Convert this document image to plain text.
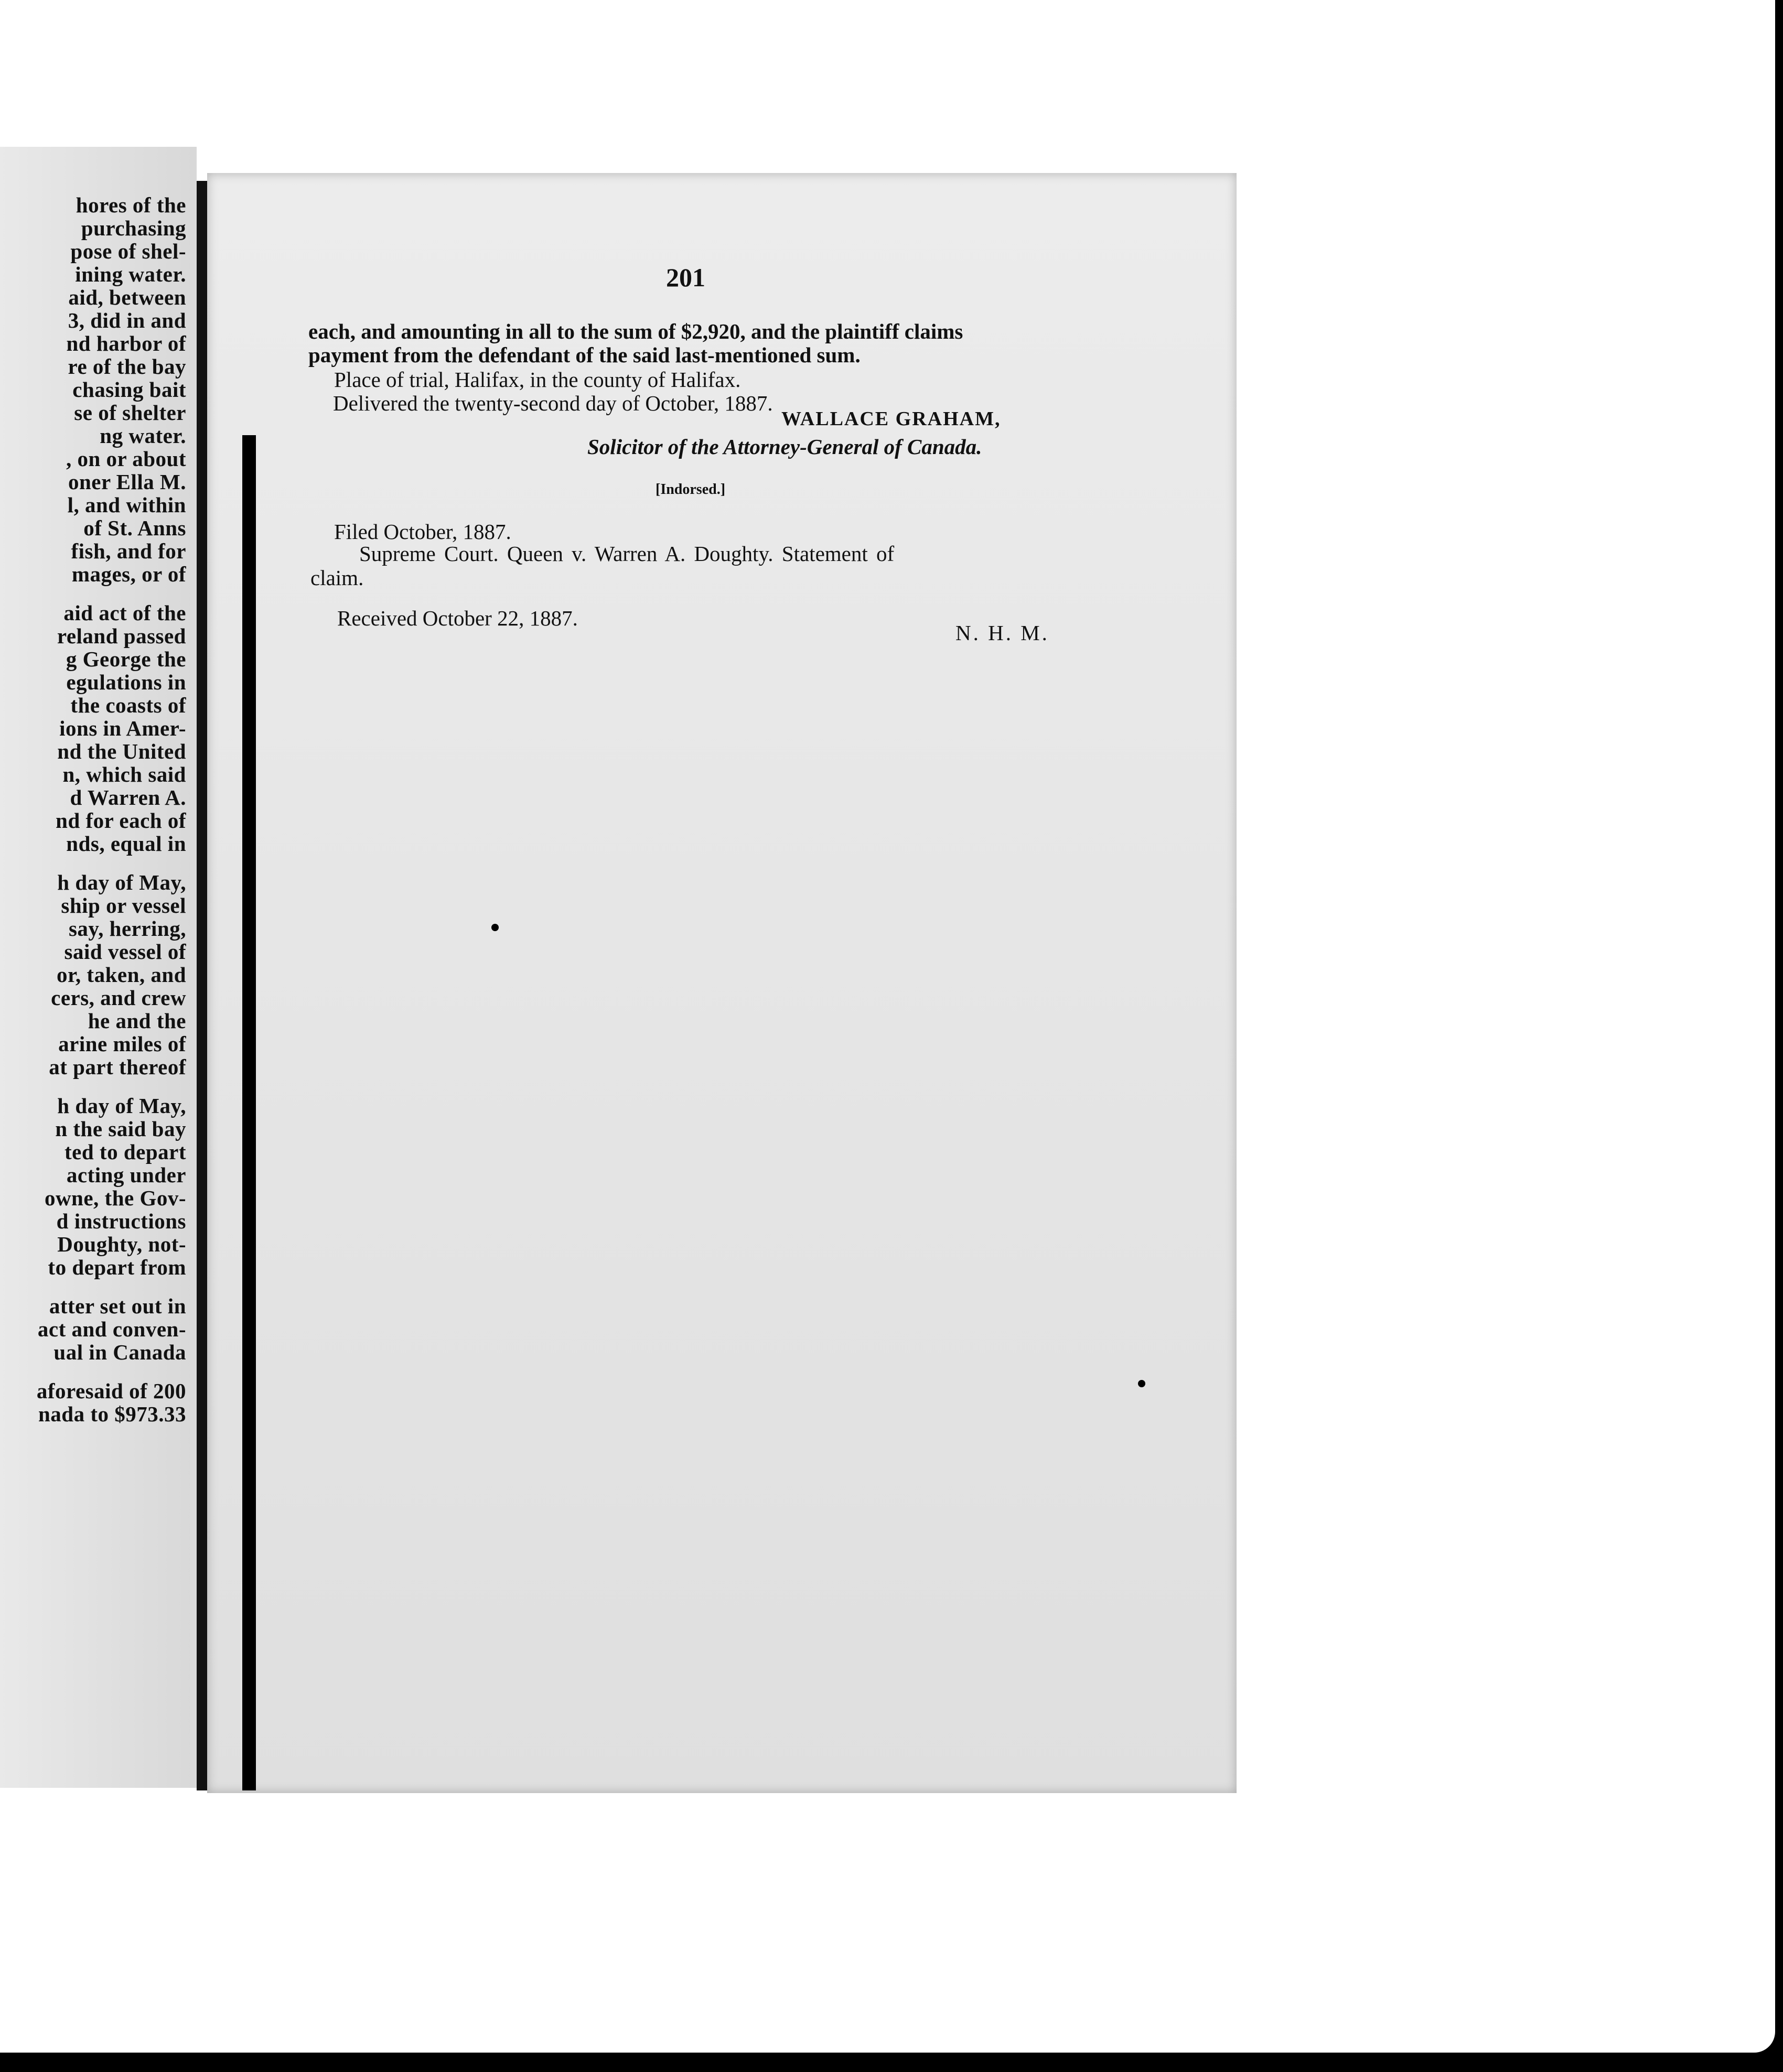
hores of the
purchasing
pose of shel-
ining water.
aid, between
3, did in and
nd harbor of
re of the bay
chasing bait
se of shelter
ng water.
, on or about
oner Ella M.
l, and within
of St. Anns
fish, and for
mages, or of
aid act of the
reland passed
g George the
egulations in
the coasts of
ions in Amer-
nd the United
n, which said
d Warren A.
nd for each of
nds, equal in
h day of May,
ship or vessel
say, herring,
said vessel of
or, taken, and
cers, and crew
he and the
arine miles of
at part thereof
h day of May,
n the said bay
ted to depart
acting under
owne, the Gov-
d instructions
Doughty, not-
to depart from
atter set out in
act and conven-
ual in Canada
aforesaid of 200
nada to $973.33
201
each, and amounting in all to the sum of $2,920, and the plaintiff claims
payment from the defendant of the said last-mentioned sum.
Place of trial, Halifax, in the county of Halifax.
Delivered the twenty-second day of October, 1887.
WALLACE GRAHAM,
Solicitor of the Attorney-General of Canada.
[Indorsed.]
Filed October, 1887.
Supreme Court. Queen v. Warren A. Doughty. Statement of
claim.
Received October 22, 1887.
N. H. M.
